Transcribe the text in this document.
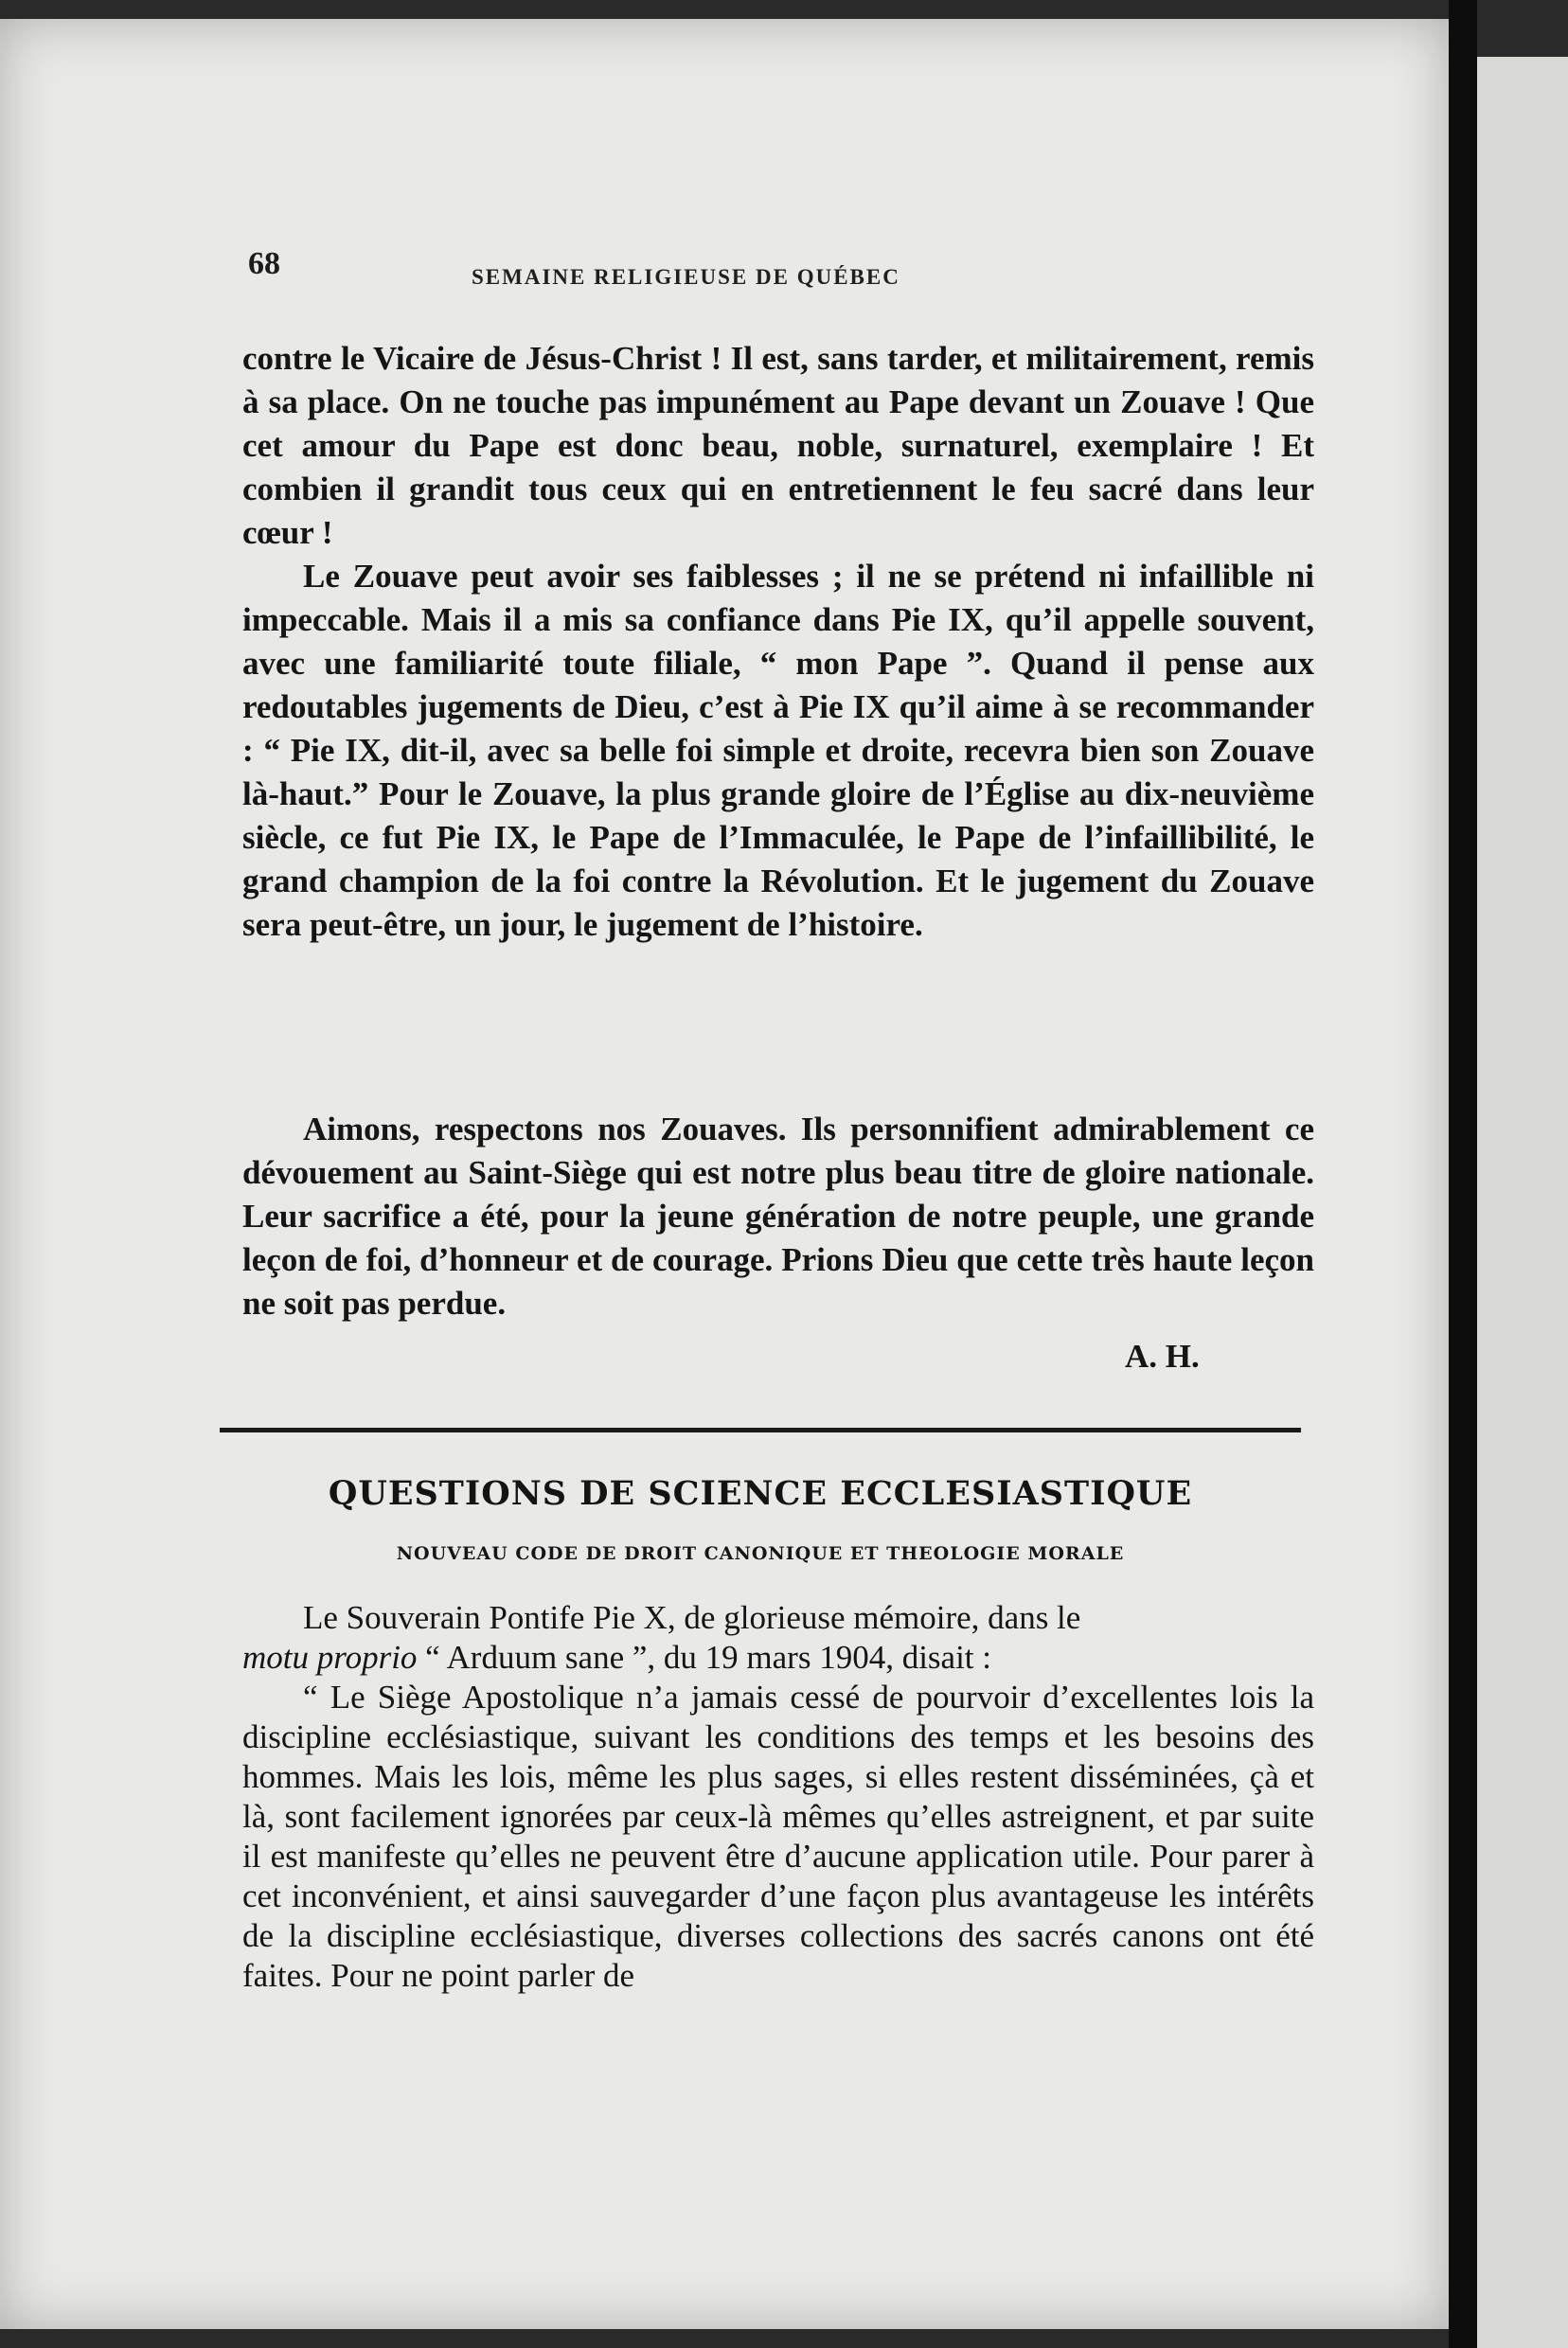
68	SEMAINE RELIGIEUSE DE QUÉBEC
contre le Vicaire de Jésus-Christ ! Il est, sans tarder, et militairement, remis à sa place. On ne touche pas impunément au Pape devant un Zouave ! Que cet amour du Pape est donc beau, noble, surnaturel, exemplaire ! Et combien il grandit tous ceux qui en entretiennent le feu sacré dans leur cœur !
Le Zouave peut avoir ses faiblesses ; il ne se prétend ni infaillible ni impeccable. Mais il a mis sa confiance dans Pie IX, qu’il appelle souvent, avec une familiarité toute filiale, “ mon Pape ”. Quand il pense aux redoutables jugements de Dieu, c’est à Pie IX qu’il aime à se recommander : “ Pie IX, dit-il, avec sa belle foi simple et droite, recevra bien son Zouave là-haut.” Pour le Zouave, la plus grande gloire de l’Église au dix-neuvième siècle, ce fut Pie IX, le Pape de l’Immaculée, le Pape de l’infaillibilité, le grand champion de la foi contre la Révolution. Et le jugement du Zouave sera peut-être, un jour, le jugement de l’histoire.
Aimons, respectons nos Zouaves. Ils personnifient admirablement ce dévouement au Saint-Siège qui est notre plus beau titre de gloire nationale. Leur sacrifice a été, pour la jeune génération de notre peuple, une grande leçon de foi, d’honneur et de courage. Prions Dieu que cette très haute leçon ne soit pas perdue.
A. H.
QUESTIONS DE SCIENCE ECCLESIASTIQUE
NOUVEAU CODE DE DROIT CANONIQUE ET THEOLOGIE MORALE
Le Souverain Pontife Pie X, de glorieuse mémoire, dans le
motu proprio “ Arduum sane ”, du 19 mars 1904, disait :
“ Le Siège Apostolique n’a jamais cessé de pourvoir d’excellentes lois la discipline ecclésiastique, suivant les conditions des temps et les besoins des hommes. Mais les lois, même les plus sages, si elles restent disséminées, çà et là, sont facilement ignorées par ceux-là mêmes qu’elles astreignent, et par suite il est manifeste qu’elles ne peuvent être d’aucune application utile. Pour parer à cet inconvénient, et ainsi sauvegarder d’une façon plus avantageuse les intérêts de la discipline ecclésiastique, diverses collections des sacrés canons ont été faites. Pour ne point parler de
